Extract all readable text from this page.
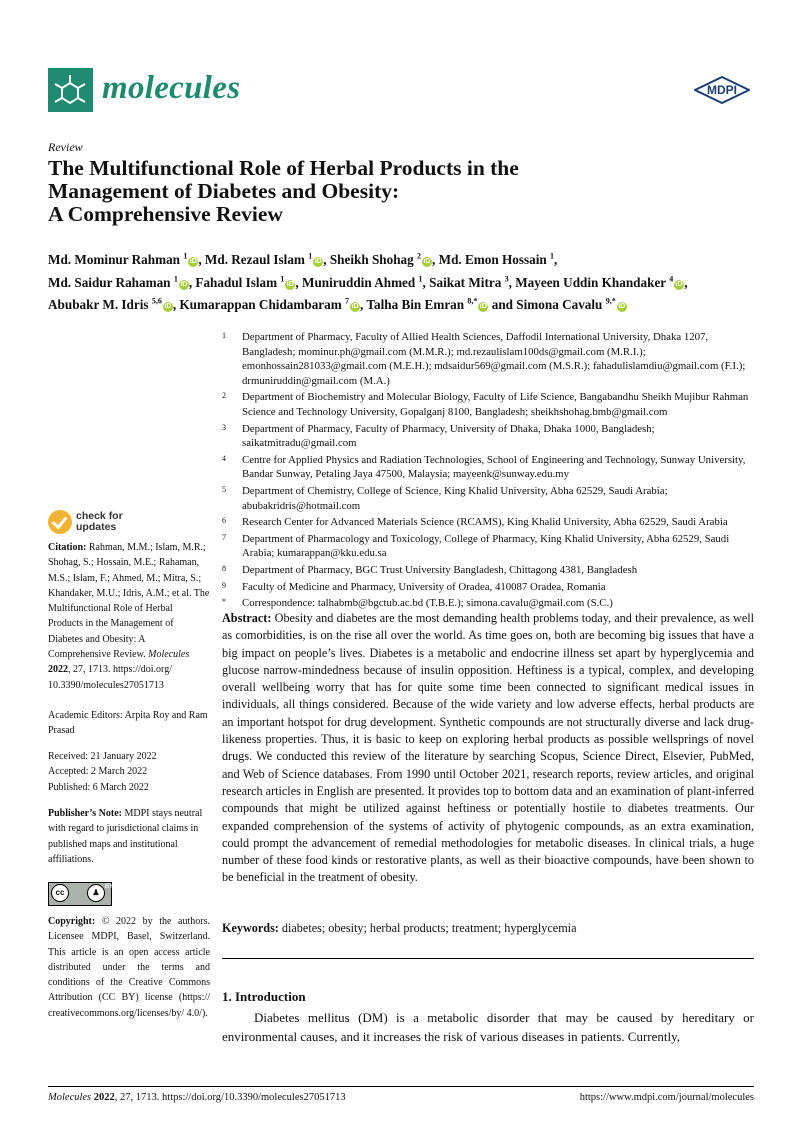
molecules	MDPI
Review
The Multifunctional Role of Herbal Products in the
Management of Diabetes and Obesity:
A Comprehensive Review
Md. Mominur Rahman $^1$iD , Md. Rezaul Islam $^1$iD , Sheikh Shohag $^2$iD , Md. Emon Hossain $^1$,
Md. Saidur Rahaman $^1$iD , Fahadul Islam $^1$iD , Muniruddin Ahmed $^1$, Saikat Mitra $^3$, Mayeen Uddin Khandaker $^4$iD ,
Abubakr M. Idris $^{5,6}$iD , Kumarappan Chidambaram $^7$iD , Talha Bin Emran $^{8,*}$iD and Simona Cavalu $^{9,*}$iD
1	Department of Pharmacy, Faculty of Allied Health Sciences, Daffodil International University, Dhaka 1207, Bangladesh; mominur.ph@gmail.com (M.M.R.); md.rezaulislam100ds@gmail.com (M.R.I.); emonhossain281033@gmail.com (M.E.H.); mdsaidur569@gmail.com (M.S.R.); fahadulislamdiu@gmail.com (F.I.); drmuniruddin@gmail.com (M.A.)
2	Department of Biochemistry and Molecular Biology, Faculty of Life Science, Bangabandhu Sheikh Mujibur Rahman Science and Technology University, Gopalganj 8100, Bangladesh; sheikhshohag.bmb@gmail.com
3	Department of Pharmacy, Faculty of Pharmacy, University of Dhaka, Dhaka 1000, Bangladesh; saikatmitradu@gmail.com
4	Centre for Applied Physics and Radiation Technologies, School of Engineering and Technology, Sunway University, Bandar Sunway, Petaling Jaya 47500, Malaysia; mayeenk@sunway.edu.my
5	Department of Chemistry, College of Science, King Khalid University, Abha 62529, Saudi Arabia; abubakridris@hotmail.com
6	Research Center for Advanced Materials Science (RCAMS), King Khalid University, Abha 62529, Saudi Arabia
7	Department of Pharmacology and Toxicology, College of Pharmacy, King Khalid University, Abha 62529, Saudi Arabia; kumarappan@kku.edu.sa
8	Department of Pharmacy, BGC Trust University Bangladesh, Chittagong 4381, Bangladesh
9	Faculty of Medicine and Pharmacy, University of Oradea, 410087 Oradea, Romania
*	Correspondence: talhabmb@bgctub.ac.bd (T.B.E.); simona.cavalu@gmail.com (S.C.)
check for
updates
Citation: Rahman, M.M.; Islam, M.R.; Shohag, S.; Hossain, M.E.; Rahaman, M.S.; Islam, F.; Ahmed, M.; Mitra, S.; Khandaker, M.U.; Idris, A.M.; et al. The Multifunctional Role of Herbal Products in the Management of Diabetes and Obesity: A Comprehensive Review. Molecules 2022, 27, 1713. https://doi.org/ 10.3390/molecules27051713
Academic Editors: Arpita Roy and Ram Prasad
Received: 21 January 2022
Accepted: 2 March 2022
Published: 6 March 2022
Publisher’s Note: MDPI stays neutral with regard to jurisdictional claims in published maps and institutional affiliations.
cc	♟
BY
Copyright: © 2022 by the authors. Licensee MDPI, Basel, Switzerland. This article is an open access article distributed under the terms and conditions of the Creative Commons Attribution (CC BY) license (https:// creativecommons.org/licenses/by/ 4.0/).
Abstract: Obesity and diabetes are the most demanding health problems today, and their prevalence, as well as comorbidities, is on the rise all over the world. As time goes on, both are becoming big issues that have a big impact on people’s lives. Diabetes is a metabolic and endocrine illness set apart by hyperglycemia and glucose narrow-mindedness because of insulin opposition. Heftiness is a typical, complex, and developing overall wellbeing worry that has for quite some time been connected to significant medical issues in individuals, all things considered. Because of the wide variety and low adverse effects, herbal products are an important hotspot for drug development. Synthetic compounds are not structurally diverse and lack drug-likeness properties. Thus, it is basic to keep on exploring herbal products as possible wellsprings of novel drugs. We conducted this review of the literature by searching Scopus, Science Direct, Elsevier, PubMed, and Web of Science databases. From 1990 until October 2021, research reports, review articles, and original research articles in English are presented. It provides top to bottom data and an examination of plant-inferred compounds that might be utilized against heftiness or potentially hostile to diabetes treatments. Our expanded comprehension of the systems of activity of phytogenic compounds, as an extra examination, could prompt the advancement of remedial methodologies for metabolic diseases. In clinical trials, a huge number of these food kinds or restorative plants, as well as their bioactive compounds, have been shown to be beneficial in the treatment of obesity.
Keywords: diabetes; obesity; herbal products; treatment; hyperglycemia
1. Introduction
Diabetes mellitus (DM) is a metabolic disorder that may be caused by hereditary or environmental causes, and it increases the risk of various diseases in patients. Currently,
Molecules 2022, 27, 1713. https://doi.org/10.3390/molecules27051713	https://www.mdpi.com/journal/molecules
